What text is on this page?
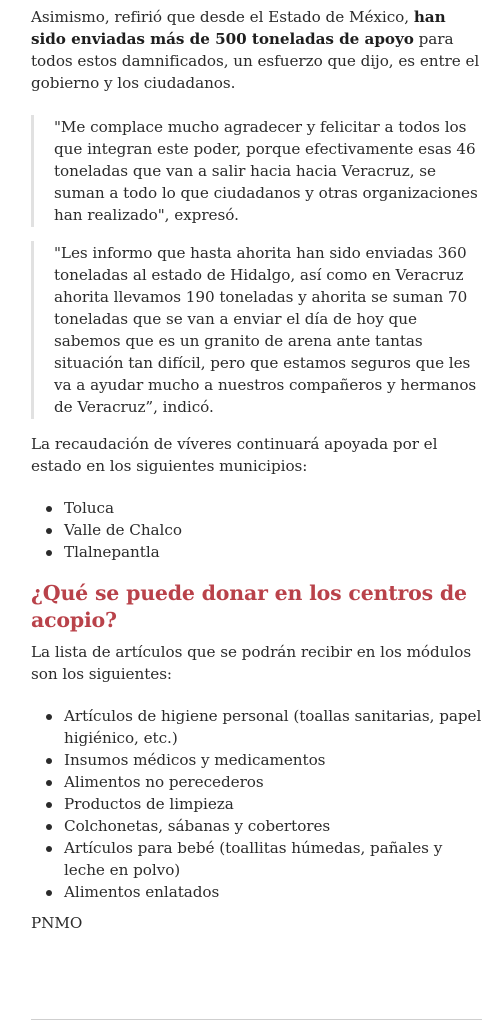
Asimismo, refirió que desde el Estado de México, han sido enviadas más de 500 toneladas de apoyo para todos estos damnificados, un esfuerzo que dijo, es entre el gobierno y los ciudadanos.

"Me complace mucho agradecer y felicitar a todos los que integran este poder, porque efectivamente esas 46 toneladas que van a salir hacia hacia Veracruz, se suman a todo lo que ciudadanos y otras organizaciones han realizado", expresó.

"Les informo que hasta ahorita han sido enviadas 360 toneladas al estado de Hidalgo, así como en Veracruz ahorita llevamos 190 toneladas y ahorita se suman 70 toneladas que se van a enviar el día de hoy que sabemos que es un granito de arena ante tantas situación tan difícil, pero que estamos seguros que les va a ayudar mucho a nuestros compañeros y hermanos de Veracruz”, indicó.

La recaudación de víveres continuará apoyada por el estado en los siguientes municipios:

Toluca
Valle de Chalco
Tlalnepantla
¿Qué se puede donar en los centros de acopio?

La lista de artículos que se podrán recibir en los módulos son los siguientes:

Artículos de higiene personal (toallas sanitarias, papel higiénico, etc.)
Insumos médicos y medicamentos
Alimentos no perecederos
Productos de limpieza
Colchonetas, sábanas y cobertores
Artículos para bebé (toallitas húmedas, pañales y leche en polvo)
Alimentos enlatados

PNMO
